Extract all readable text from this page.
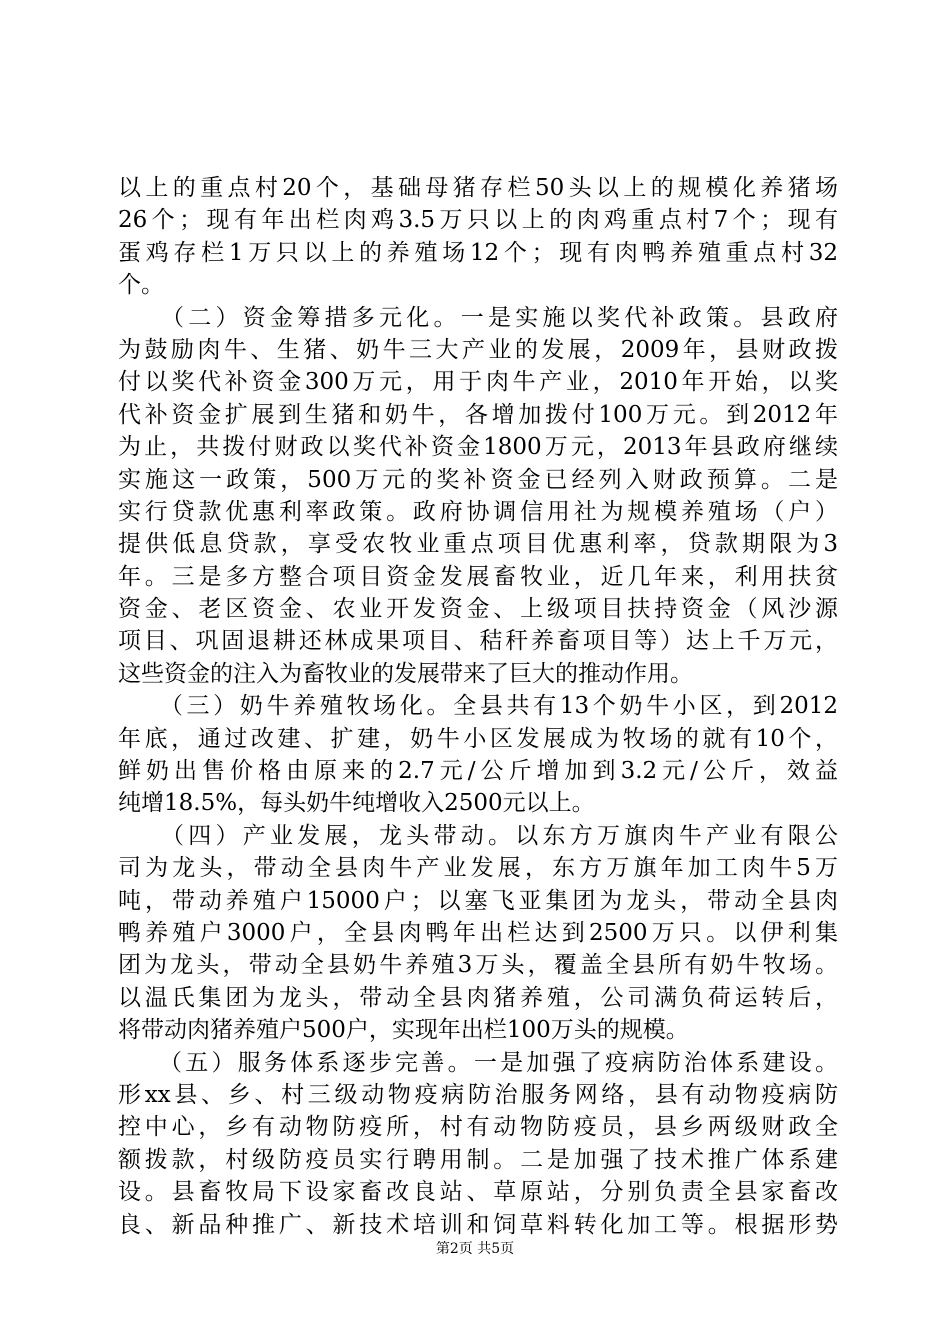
以上的重点村20个，基础母猪存栏50头以上的规模化养猪场
26个；现有年出栏肉鸡3.5万只以上的肉鸡重点村7个；现有
蛋鸡存栏1万只以上的养殖场12个；现有肉鸭养殖重点村32
个。
　　（二）资金筹措多元化。一是实施以奖代补政策。县政府
为鼓励肉牛、生猪、奶牛三大产业的发展，2009年，县财政拨
付以奖代补资金300万元，用于肉牛产业，2010年开始，以奖
代补资金扩展到生猪和奶牛，各增加拨付100万元。到2012年
为止，共拨付财政以奖代补资金1800万元，2013年县政府继续
实施这一政策，500万元的奖补资金已经列入财政预算。二是
实行贷款优惠利率政策。政府协调信用社为规模养殖场（户）
提供低息贷款，享受农牧业重点项目优惠利率，贷款期限为3
年。三是多方整合项目资金发展畜牧业，近几年来，利用扶贫
资金、老区资金、农业开发资金、上级项目扶持资金（风沙源
项目、巩固退耕还林成果项目、秸秆养畜项目等）达上千万元，
这些资金的注入为畜牧业的发展带来了巨大的推动作用。
　　（三）奶牛养殖牧场化。全县共有13个奶牛小区，到2012
年底，通过改建、扩建，奶牛小区发展成为牧场的就有10个，
鲜奶出售价格由原来的2.7元/公斤增加到3.2元/公斤，效益
纯增18.5%，每头奶牛纯增收入2500元以上。
　　（四）产业发展，龙头带动。以东方万旗肉牛产业有限公
司为龙头，带动全县肉牛产业发展，东方万旗年加工肉牛5万
吨，带动养殖户15000户；以塞飞亚集团为龙头，带动全县肉
鸭养殖户3000户，全县肉鸭年出栏达到2500万只。以伊利集
团为龙头，带动全县奶牛养殖3万头，覆盖全县所有奶牛牧场。
以温氏集团为龙头，带动全县肉猪养殖，公司满负荷运转后，
将带动肉猪养殖户500户，实现年出栏100万头的规模。
　　（五）服务体系逐步完善。一是加强了疫病防治体系建设。
形xx县、乡、村三级动物疫病防治服务网络，县有动物疫病防
控中心，乡有动物防疫所，村有动物防疫员，县乡两级财政全
额拨款，村级防疫员实行聘用制。二是加强了技术推广体系建
设。县畜牧局下设家畜改良站、草原站，分别负责全县家畜改
良、新品种推广、新技术培训和饲草料转化加工等。根据形势
第2页 共5页
